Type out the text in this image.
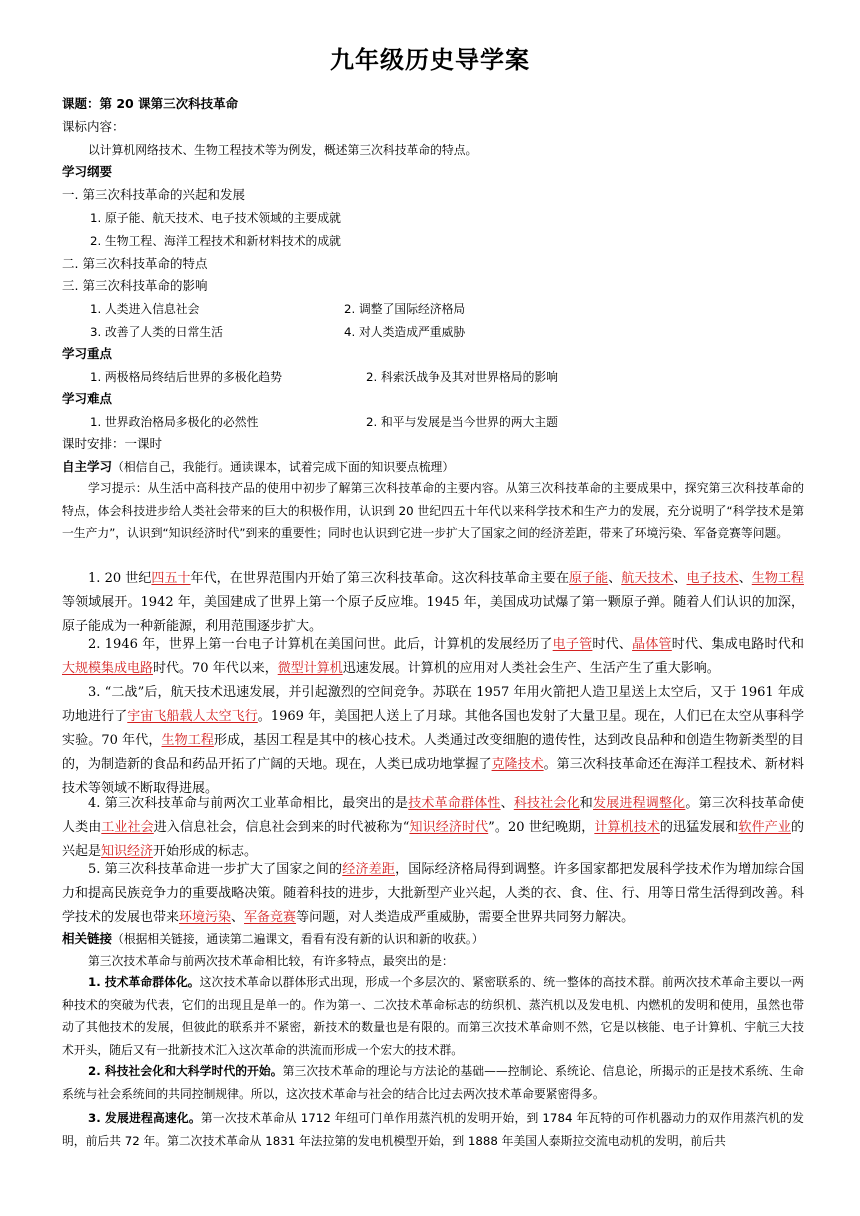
九年级历史导学案
课题：第 20 课第三次科技革命
课标内容：
以计算机网络技术、生物工程技术等为例发，概述第三次科技革命的特点。
学习纲要
一. 第三次科技革命的兴起和发展
1. 原子能、航天技术、电子技术领域的主要成就
2. 生物工程、海洋工程技术和新材料技术的成就
二. 第三次科技革命的特点
三. 第三次科技革命的影响
1. 人类进入信息社会	2. 调整了国际经济格局
3. 改善了人类的日常生活	4. 对人类造成严重威胁
学习重点
1. 两极格局终结后世界的多极化趋势	2. 科索沃战争及其对世界格局的影响
学习难点
1. 世界政治格局多极化的必然性	2. 和平与发展是当今世界的两大主题
课时安排：一课时
自主学习（相信自己，我能行。通读课本，试着完成下面的知识要点梳理）
学习提示：从生活中高科技产品的使用中初步了解第三次科技革命的主要内容。从第三次科技革命的主要成果中，探究第三次科技革命的特点，体会科技进步给人类社会带来的巨大的积极作用，认识到 20 世纪四五十年代以来科学技术和生产力的发展，充分说明了“科学技术是第一生产力”，认识到“知识经济时代”到来的重要性；同时也认识到它进一步扩大了国家之间的经济差距，带来了环境污染、军备竞赛等问题。
1. 20 世纪四五十年代，在世界范围内开始了第三次科技革命。这次科技革命主要在原子能、航天技术、电子技术、生物工程等领域展开。1942 年，美国建成了世界上第一个原子反应堆。1945 年，美国成功试爆了第一颗原子弹。随着人们认识的加深，原子能成为一种新能源，利用范围逐步扩大。
2. 1946 年，世界上第一台电子计算机在美国问世。此后，计算机的发展经历了电子管时代、晶体管时代、集成电路时代和大规模集成电路时代。70 年代以来，微型计算机迅速发展。计算机的应用对人类社会生产、生活产生了重大影响。
3. “二战”后，航天技术迅速发展，并引起激烈的空间竞争。苏联在 1957 年用火箭把人造卫星送上太空后，又于 1961 年成功地进行了宇宙飞船载人太空飞行。1969 年，美国把人送上了月球。其他各国也发射了大量卫星。现在，人们已在太空从事科学实验。70 年代，生物工程形成，基因工程是其中的核心技术。人类通过改变细胞的遗传性，达到改良品种和创造生物新类型的目的，为制造新的食品和药品开拓了广阔的天地。现在，人类已成功地掌握了克隆技术。第三次科技革命还在海洋工程技术、新材料技术等领域不断取得进展。
4. 第三次科技革命与前两次工业革命相比，最突出的是技术革命群体性、科技社会化和发展进程调整化。第三次科技革命使人类由工业社会进入信息社会，信息社会到来的时代被称为“知识经济时代”。20 世纪晚期，计算机技术的迅猛发展和软件产业的兴起是知识经济开始形成的标志。
5. 第三次科技革命进一步扩大了国家之间的经济差距，国际经济格局得到调整。许多国家都把发展科学技术作为增加综合国力和提高民族竞争力的重要战略决策。随着科技的进步，大批新型产业兴起，人类的衣、食、住、行、用等日常生活得到改善。科学技术的发展也带来环境污染、军备竞赛等问题，对人类造成严重威胁，需要全世界共同努力解决。
相关链接（根据相关链接，通读第二遍课文，看看有没有新的认识和新的收获。）
第三次技术革命与前两次技术革命相比较，有许多特点，最突出的是：
1. 技术革命群体化。这次技术革命以群体形式出现，形成一个多层次的、紧密联系的、统一整体的高技术群。前两次技术革命主要以一两种技术的突破为代表，它们的出现且是单一的。作为第一、二次技术革命标志的纺织机、蒸汽机以及发电机、内燃机的发明和使用，虽然也带动了其他技术的发展，但彼此的联系并不紧密，新技术的数量也是有限的。而第三次技术革命则不然，它是以核能、电子计算机、宇航三大技术开头，随后又有一批新技术汇入这次革命的洪流而形成一个宏大的技术群。
2. 科技社会化和大科学时代的开始。第三次技术革命的理论与方法论的基础——控制论、系统论、信息论，所揭示的正是技术系统、生命系统与社会系统间的共同控制规律。所以，这次技术革命与社会的结合比过去两次技术革命要紧密得多。
3. 发展进程高速化。第一次技术革命从 1712 年纽可门单作用蒸汽机的发明开始，到 1784 年瓦特的可作机器动力的双作用蒸汽机的发明，前后共 72 年。第二次技术革命从 1831 年法拉第的发电机模型开始，到 1888 年美国人泰斯拉交流电动机的发明，前后共
